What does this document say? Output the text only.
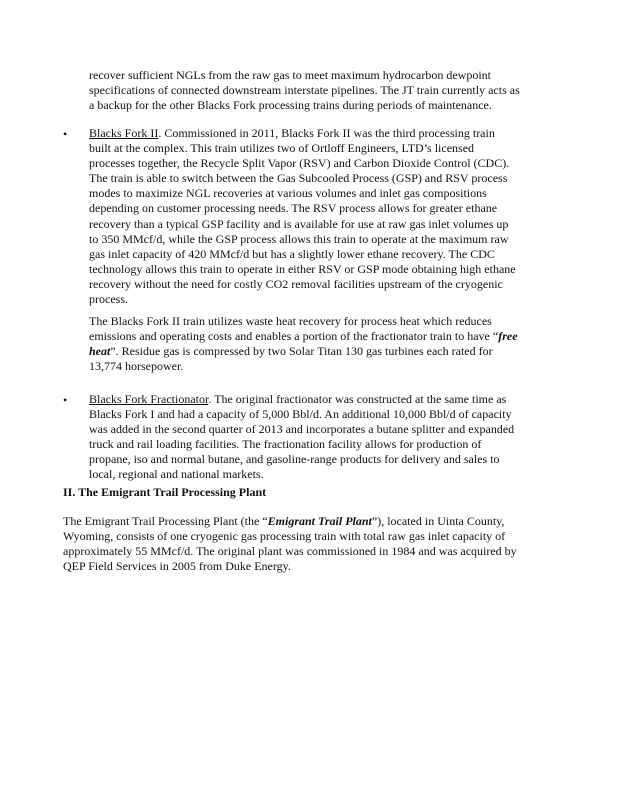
recover sufficient NGLs from the raw gas to meet maximum hydrocarbon dewpoint
specifications of connected downstream interstate pipelines. The JT train currently acts as
a backup for the other Blacks Fork processing trains during periods of maintenance.
• Blacks Fork II. Commissioned in 2011, Blacks Fork II was the third processing train
built at the complex. This train utilizes two of Ortloff Engineers, LTD’s licensed
processes together, the Recycle Split Vapor (RSV) and Carbon Dioxide Control (CDC).
The train is able to switch between the Gas Subcooled Process (GSP) and RSV process
modes to maximize NGL recoveries at various volumes and inlet gas compositions
depending on customer processing needs. The RSV process allows for greater ethane
recovery than a typical GSP facility and is available for use at raw gas inlet volumes up
to 350 MMcf/d, while the GSP process allows this train to operate at the maximum raw
gas inlet capacity of 420 MMcf/d but has a slightly lower ethane recovery. The CDC
technology allows this train to operate in either RSV or GSP mode obtaining high ethane
recovery without the need for costly CO2 removal facilities upstream of the cryogenic
process.
The Blacks Fork II train utilizes waste heat recovery for process heat which reduces
emissions and operating costs and enables a portion of the fractionator train to have “free
heat”. Residue gas is compressed by two Solar Titan 130 gas turbines each rated for
13,774 horsepower.
• Blacks Fork Fractionator. The original fractionator was constructed at the same time as
Blacks Fork I and had a capacity of 5,000 Bbl/d. An additional 10,000 Bbl/d of capacity
was added in the second quarter of 2013 and incorporates a butane splitter and expanded
truck and rail loading facilities. The fractionation facility allows for production of
propane, iso and normal butane, and gasoline-range products for delivery and sales to
local, regional and national markets.
II. The Emigrant Trail Processing Plant
The Emigrant Trail Processing Plant (the “Emigrant Trail Plant”), located in Uinta County,
Wyoming, consists of one cryogenic gas processing train with total raw gas inlet capacity of
approximately 55 MMcf/d. The original plant was commissioned in 1984 and was acquired by
QEP Field Services in 2005 from Duke Energy.
